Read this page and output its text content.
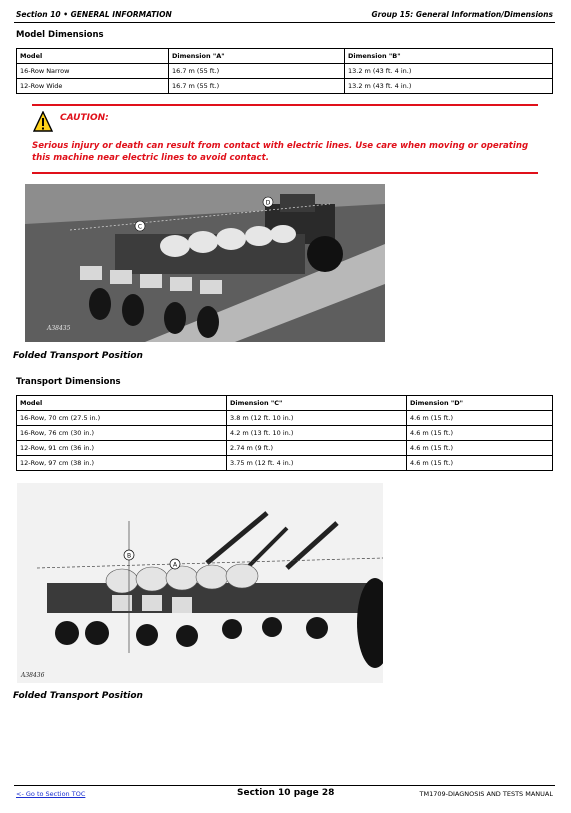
Section 10 • GENERAL INFORMATION	Group 15: General Information/Dimensions
Model Dimensions
Model	Dimension "A"	Dimension "B"
16-Row Narrow	16.7 m (55 ft.)	13.2 m (43 ft. 4 in.)
12-Row Wide	16.7 m (55 ft.)	13.2 m (43 ft. 4 in.)
CAUTION:
Serious injury or death can result from contact with electric lines. Use care when moving or operating this machine near electric lines to avoid contact.
C
D
A38435
Folded Transport Position
Transport Dimensions
Model	Dimension "C"	Dimension "D"
16-Row, 70 cm (27.5 in.)	3.8 m (12 ft. 10 in.)	4.6 m (15 ft.)
16-Row, 76 cm (30 in.)	4.2 m (13 ft. 10 in.)	4.6 m (15 ft.)
12-Row, 91 cm (36 in.)	2.74 m (9 ft.)	4.6 m (15 ft.)
12-Row, 97 cm (38 in.)	3.75 m (12 ft. 4 in.)	4.6 m (15 ft.)
B
A
A38436
Folded Transport Position
<- Go to Section TOC	Section 10 page 28	TM1709-DIAGNOSIS AND TESTS MANUAL
